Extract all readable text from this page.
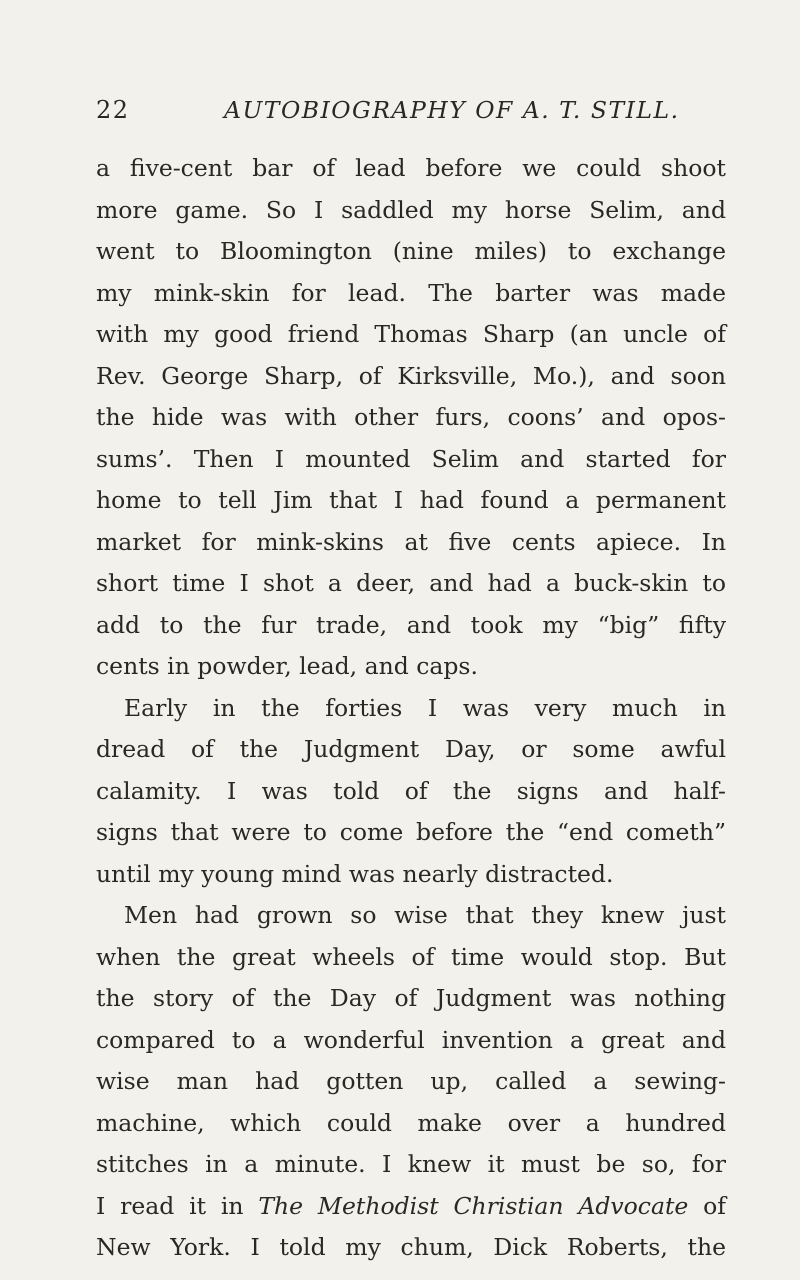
22	AUTOBIOGRAPHY OF A. T. STILL.
a five-cent bar of lead before we could shoot
more game. So I saddled my horse Selim, and
went to Bloomington (nine miles) to exchange
my mink-skin for lead. The barter was made
with my good friend Thomas Sharp (an uncle of
Rev. George Sharp, of Kirksville, Mo.), and soon
the hide was with other furs, coons’ and opos-
sums’. Then I mounted Selim and started for
home to tell Jim that I had found a permanent
market for mink-skins at five cents apiece. In
short time I shot a deer, and had a buck-skin to
add to the fur trade, and took my “big” fifty
cents in powder, lead, and caps.
Early in the forties I was very much in
dread of the Judgment Day, or some awful
calamity. I was told of the signs and half-
signs that were to come before the “end cometh”
until my young mind was nearly distracted.
Men had grown so wise that they knew just
when the great wheels of time would stop. But
the story of the Day of Judgment was nothing
compared to a wonderful invention a great and
wise man had gotten up, called a sewing-
machine, which could make over a hundred
stitches in a minute. I knew it must be so, for
I read it in The Methodist Christian Advocate of
New York. I told my chum, Dick Roberts, the
